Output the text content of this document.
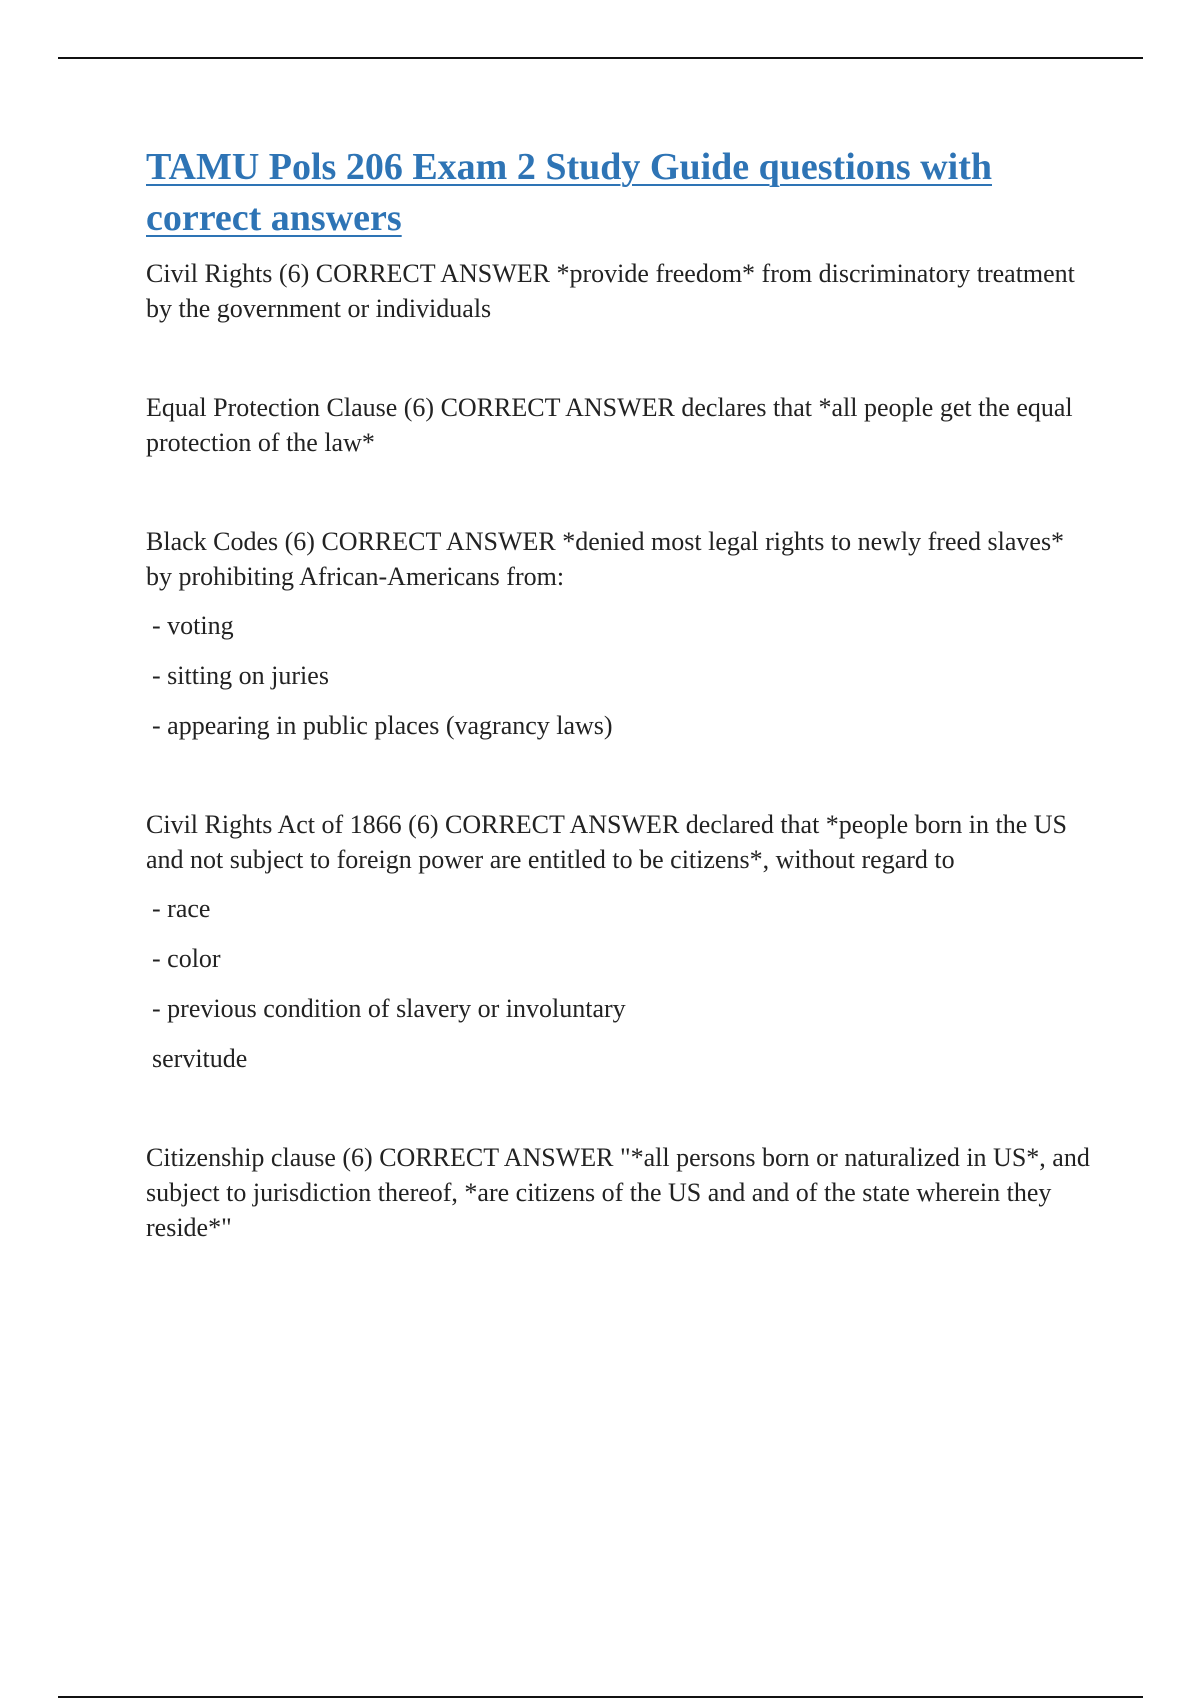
TAMU Pols 206 Exam 2 Study Guide questions with correct answers

Civil Rights (6) CORRECT ANSWER *provide freedom* from discriminatory treatment by the government or individuals

Equal Protection Clause (6) CORRECT ANSWER declares that *all people get the equal protection of the law*

Black Codes (6) CORRECT ANSWER *denied most legal rights to newly freed slaves* by prohibiting African-Americans from:

- voting

- sitting on juries

- appearing in public places (vagrancy laws)

Civil Rights Act of 1866 (6) CORRECT ANSWER declared that *people born in the US and not subject to foreign power are entitled to be citizens*, without regard to

- race

- color

- previous condition of slavery or involuntary

servitude

Citizenship clause (6) CORRECT ANSWER "*all persons born or naturalized in US*, and subject to jurisdiction thereof, *are citizens of the US and and of the state wherein they reside*"
